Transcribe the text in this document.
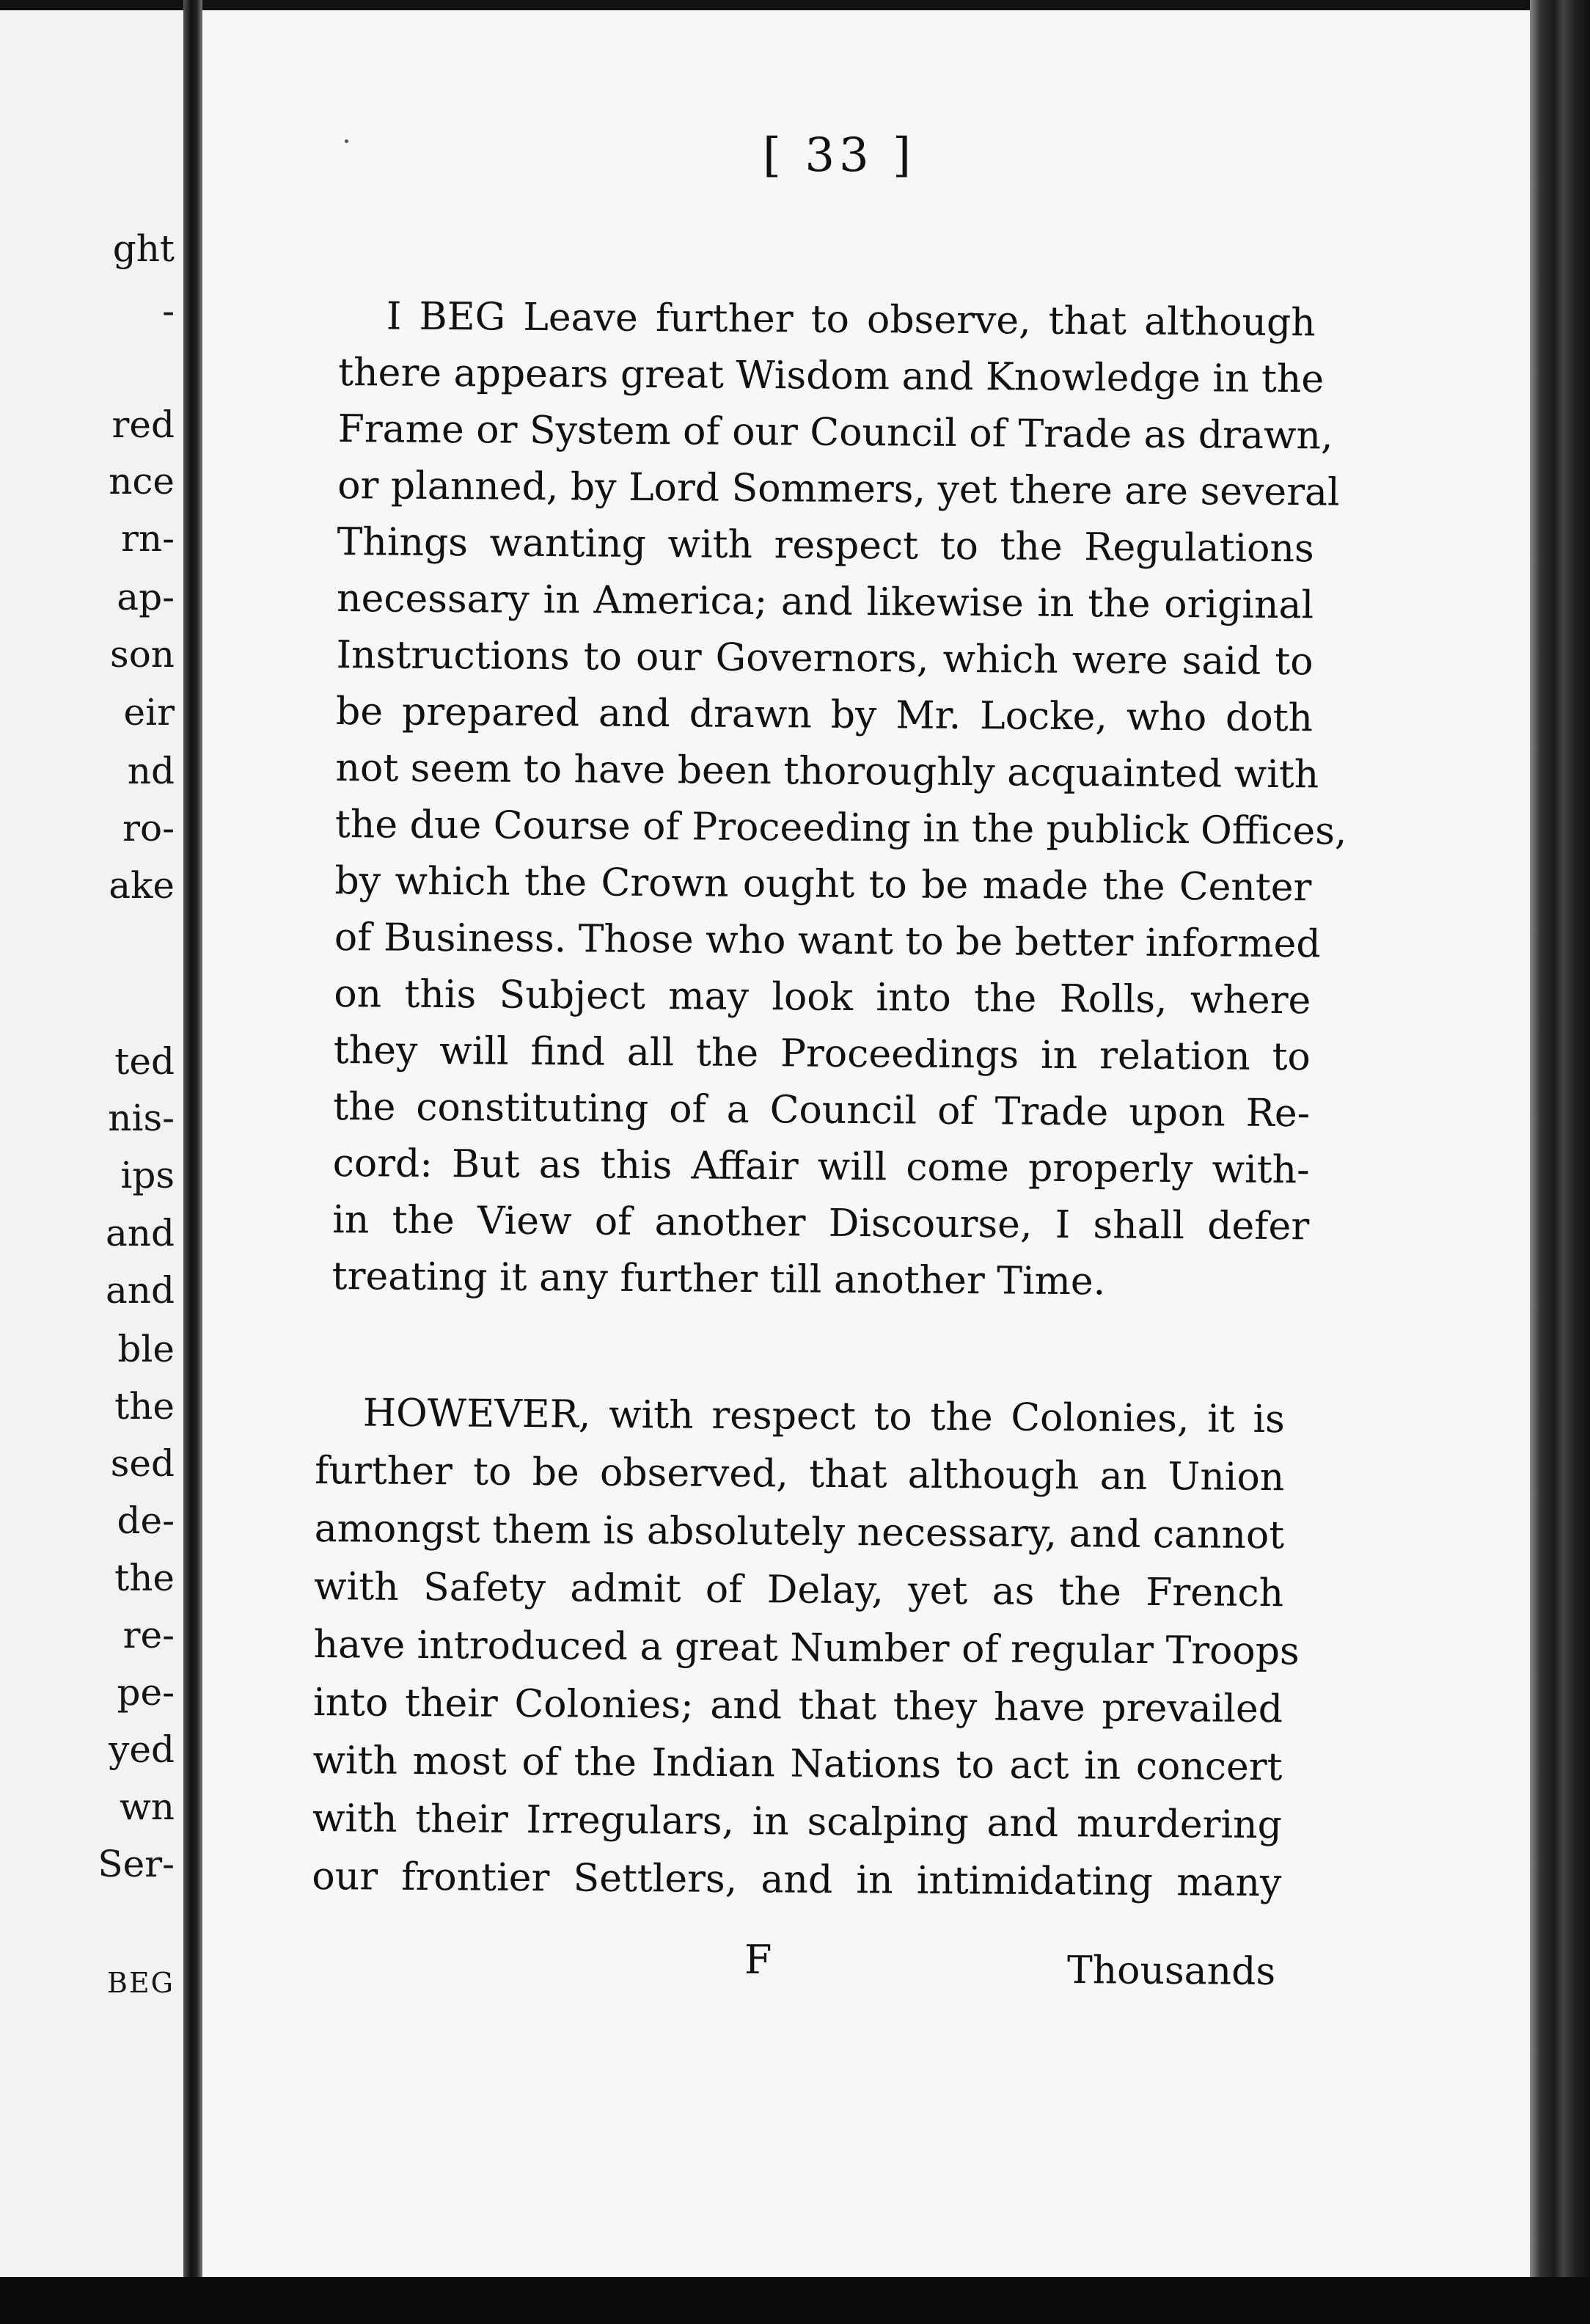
ght
-
red
nce
rn-
ap-
son
eir
nd
ro-
ake
ted
nis-
ips
and
and
ble
the
sed
de-
the
re-
pe-
yed
wn
Ser-
BEG
[ 33 ]
I BEG Leave further to observe, that although
there appears great Wisdom and Knowledge in the
Frame or System of our Council of Trade as drawn,
or planned, by Lord Sommers, yet there are several
Things wanting with respect to the Regulations
necessary in America; and likewise in the original
Instructions to our Governors, which were said to
be prepared and drawn by Mr. Locke, who doth
not seem to have been thoroughly acquainted with
the due Course of Proceeding in the publick Offices,
by which the Crown ought to be made the Center
of Business. Those who want to be better informed
on this Subject may look into the Rolls, where
they will find all the Proceedings in relation to
the constituting of a Council of Trade upon Re-
cord: But as this Affair will come properly with-
in the View of another Discourse, I shall defer
treating it any further till another Time.
HOWEVER, with respect to the Colonies, it is
further to be observed, that although an Union
amongst them is absolutely necessary, and cannot
with Safety admit of Delay, yet as the French
have introduced a great Number of regular Troops
into their Colonies; and that they have prevailed
with most of the Indian Nations to act in concert
with their Irregulars, in scalping and murdering
our frontier Settlers, and in intimidating many
F	Thousands
